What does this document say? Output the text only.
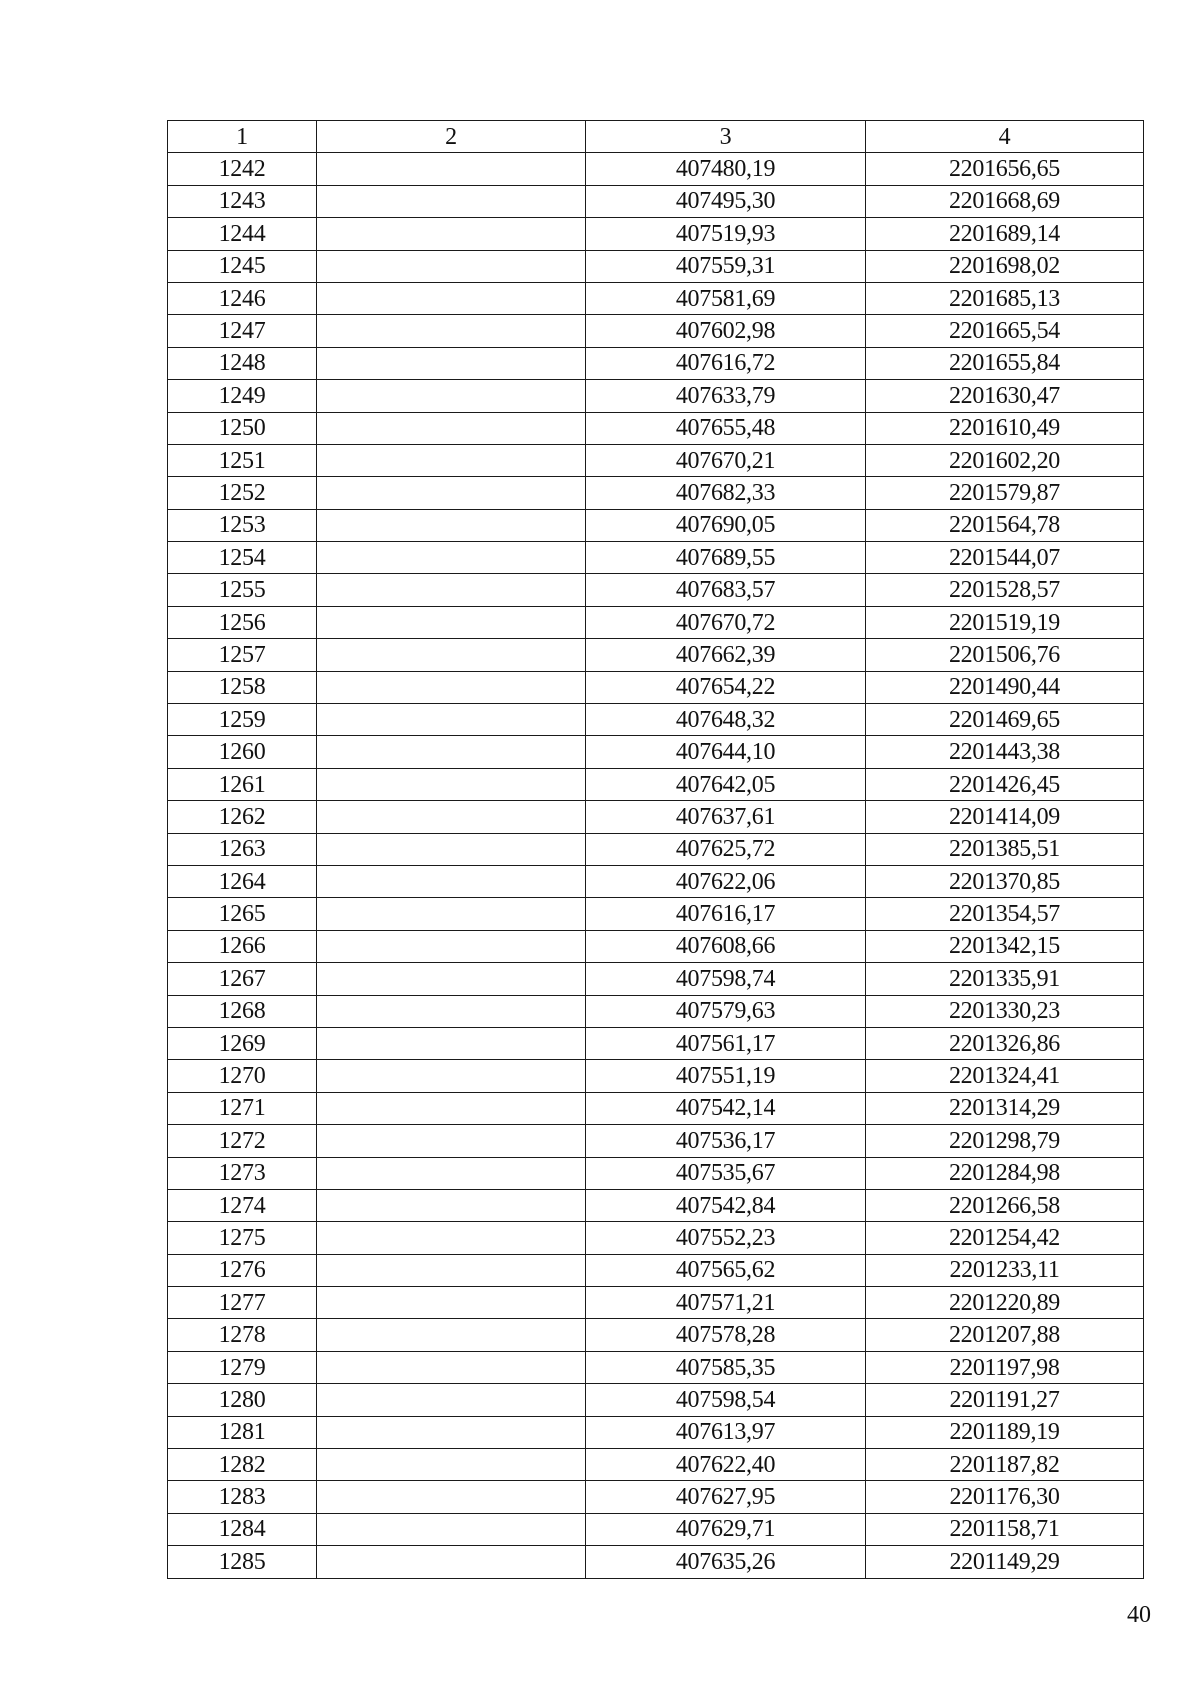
1	2	3	4
1242		407480,19	2201656,65
1243		407495,30	2201668,69
1244		407519,93	2201689,14
1245		407559,31	2201698,02
1246		407581,69	2201685,13
1247		407602,98	2201665,54
1248		407616,72	2201655,84
1249		407633,79	2201630,47
1250		407655,48	2201610,49
1251		407670,21	2201602,20
1252		407682,33	2201579,87
1253		407690,05	2201564,78
1254		407689,55	2201544,07
1255		407683,57	2201528,57
1256		407670,72	2201519,19
1257		407662,39	2201506,76
1258		407654,22	2201490,44
1259		407648,32	2201469,65
1260		407644,10	2201443,38
1261		407642,05	2201426,45
1262		407637,61	2201414,09
1263		407625,72	2201385,51
1264		407622,06	2201370,85
1265		407616,17	2201354,57
1266		407608,66	2201342,15
1267		407598,74	2201335,91
1268		407579,63	2201330,23
1269		407561,17	2201326,86
1270		407551,19	2201324,41
1271		407542,14	2201314,29
1272		407536,17	2201298,79
1273		407535,67	2201284,98
1274		407542,84	2201266,58
1275		407552,23	2201254,42
1276		407565,62	2201233,11
1277		407571,21	2201220,89
1278		407578,28	2201207,88
1279		407585,35	2201197,98
1280		407598,54	2201191,27
1281		407613,97	2201189,19
1282		407622,40	2201187,82
1283		407627,95	2201176,30
1284		407629,71	2201158,71
1285		407635,26	2201149,29
40
